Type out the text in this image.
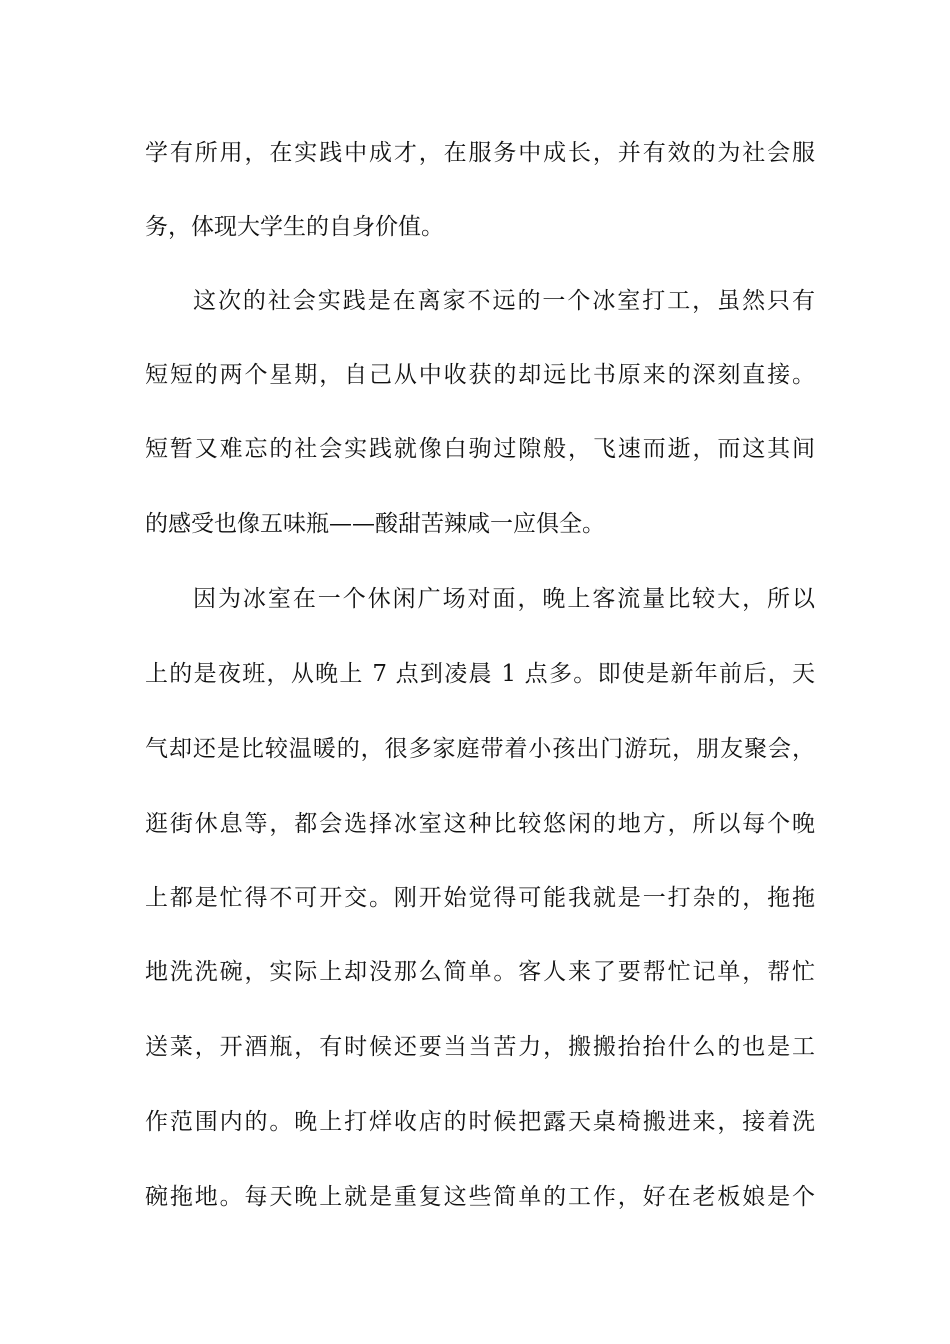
学有所用，在实践中成才，在服务中成长，并有效的为社会服
务，体现大学生的自身价值。
这次的社会实践是在离家不远的一个冰室打工，虽然只有
短短的两个星期，自己从中收获的却远比书原来的深刻直接。
短暂又难忘的社会实践就像白驹过隙般，飞速而逝，而这其间
的感受也像五味瓶——酸甜苦辣咸一应俱全。
因为冰室在一个休闲广场对面，晚上客流量比较大，所以
上的是夜班，从晚上 7 点到凌晨 1 点多。即使是新年前后，天
气却还是比较温暖的，很多家庭带着小孩出门游玩，朋友聚会，
逛街休息等，都会选择冰室这种比较悠闲的地方，所以每个晚
上都是忙得不可开交。刚开始觉得可能我就是一打杂的，拖拖
地洗洗碗，实际上却没那么简单。客人来了要帮忙记单，帮忙
送菜，开酒瓶，有时候还要当当苦力，搬搬抬抬什么的也是工
作范围内的。晚上打烊收店的时候把露天桌椅搬进来，接着洗
碗拖地。每天晚上就是重复这些简单的工作，好在老板娘是个
